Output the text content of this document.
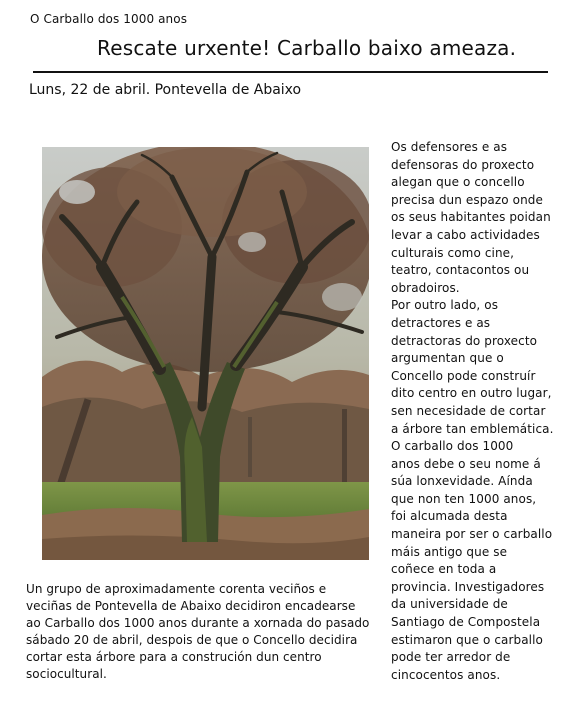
O Carballo dos 1000 anos
Rescate urxente! Carballo baixo ameaza.
Luns, 22 de abril. Pontevella de Abaixo

Os defensores e as
defensoras do proxecto
alegan que o concello
precisa dun espazo onde
os seus habitantes poidan
levar a cabo actividades
culturais como cine,
teatro, contacontos ou
obradoiros.

Por outro lado, os
detractores e as
detractoras do proxecto
argumentan que o
Concello pode construír
dito centro en outro lugar,
sen necesidade de cortar
a árbore tan emblemática.

O carballo dos 1000
anos debe o seu nome á
súa lonxevidade. Aínda
que non ten 1000 anos,
foi alcumada desta
maneira por ser o carballo
máis antigo que se
coñece en toda a
provincia. Investigadores
da universidade de
Santiago de Compostela
estimaron que o carballo
pode ter arredor de
cincocentos anos.

Un grupo de aproximadamente corenta veciños e
veciñas de Pontevella de Abaixo decidiron encadearse
ao Carballo dos 1000 anos durante a xornada do pasado
sábado 20 de abril, despois de que o Concello decidira
cortar esta árbore para a construción dun centro
sociocultural.
